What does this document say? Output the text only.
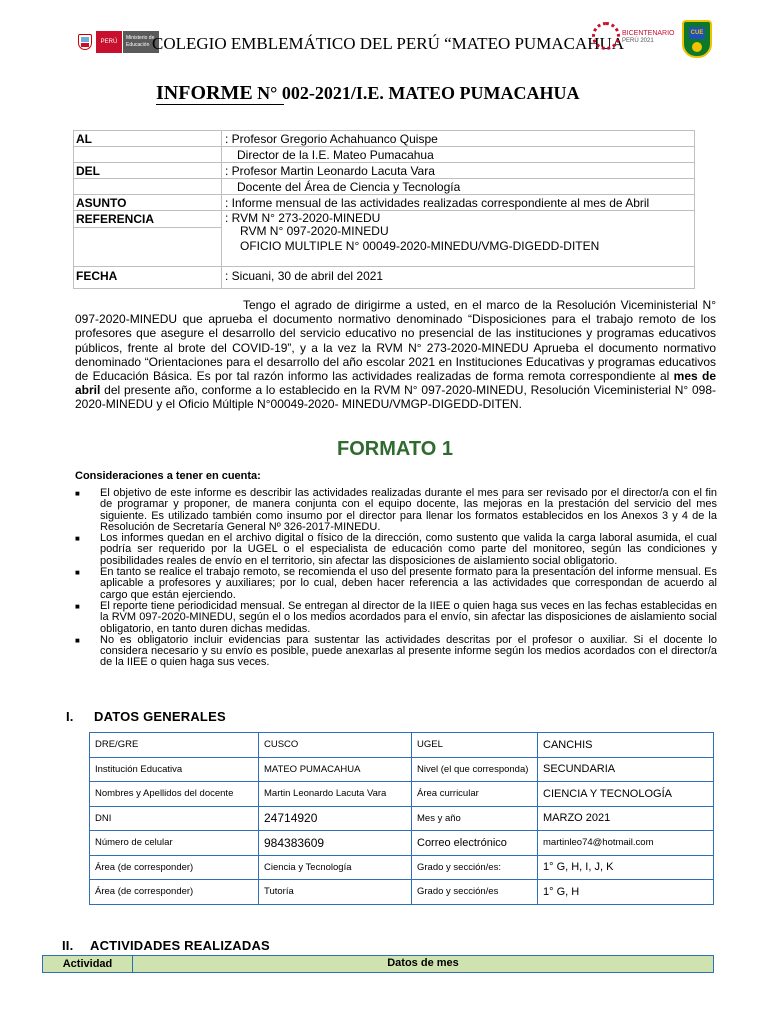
PERÚ
Ministerio de Educación COLEGIO EMBLEMÁTICO DEL PERÚ “MATEO PUMACAHUA
BICENTENARIO
PERÚ 2021
CUE
INFORME N° 002-2021/I.E. MATEO PUMACAHUA
AL	: Profesor Gregorio Achahuanco Quispe
Director de la I.E. Mateo Pumacahua
DEL	: Profesor Martin Leonardo Lacuta Vara
Docente del Área de Ciencia y Tecnología
ASUNTO	: Informe mensual de las actividades realizadas correspondiente al mes de Abril
REFERENCIA	: RVM N° 273-2020-MINEDU
RVM N° 097-2020-MINEDU
OFICIO MULTIPLE N° 00049-2020-MINEDU/VMG-DIGEDD-DITEN
FECHA	: Sicuani, 30 de abril del 2021
Tengo el agrado de dirigirme a usted, en el marco de la Resolución Viceministerial N° 097-2020-MINEDU que aprueba el documento normativo denominado “Disposiciones para el trabajo remoto de los profesores que asegure el desarrollo del servicio educativo no presencial de las instituciones y programas educativos públicos, frente al brote del COVID-19”, y a la vez la RVM N° 273-2020-MINEDU Aprueba el documento normativo denominado “Orientaciones para el desarrollo del año escolar 2021 en Instituciones Educativas y programas educativos de Educación Básica. Es por tal razón informo las actividades realizadas de forma remota correspondiente al mes de abril del presente año, conforme a lo establecido en la RVM N° 097-2020-MINEDU, Resolución Viceministerial N° 098-2020-MINEDU y el Oficio Múltiple N°00049-2020- MINEDU/VMGP-DIGEDD-DITEN.
FORMATO 1
Consideraciones a tener en cuenta:
■ El objetivo de este informe es describir las actividades realizadas durante el mes para ser revisado por el director/a con el fin de programar y proponer, de manera conjunta con el equipo docente, las mejoras en la prestación del servicio del mes siguiente. Es utilizado también como insumo por el director para llenar los formatos establecidos en los Anexos 3 y 4 de la Resolución de Secretaría General Nº 326-2017-MINEDU.
■ Los informes quedan en el archivo digital o físico de la dirección, como sustento que valida la carga laboral asumida, el cual podría ser requerido por la UGEL o el especialista de educación como parte del monitoreo, según las condiciones y posibilidades reales de envío en el territorio, sin afectar las disposiciones de aislamiento social obligatorio.
■ En tanto se realice el trabajo remoto, se recomienda el uso del presente formato para la presentación del informe mensual. Es aplicable a profesores y auxiliares; por lo cual, deben hacer referencia a las actividades que correspondan de acuerdo al cargo que están ejerciendo.
■ El reporte tiene periodicidad mensual. Se entregan al director de la IIEE o quien haga sus veces en las fechas establecidas en la RVM 097-2020-MINEDU, según el o los medios acordados para el envío, sin afectar las disposiciones de aislamiento social obligatorio, en tanto duren dichas medidas.
■ No es obligatorio incluir evidencias para sustentar las actividades descritas por el profesor o auxiliar. Si el docente lo considera necesario y su envío es posible, puede anexarlas al presente informe según los medios acordados con el director/a de la IIEE o quien haga sus veces.
I. DATOS GENERALES
DRE/GRE	CUSCO	UGEL	CANCHIS
Institución Educativa	MATEO PUMACAHUA	Nivel (el que corresponda)	SECUNDARIA
Nombres y Apellidos del docente	Martin Leonardo Lacuta Vara	Área curricular	CIENCIA Y TECNOLOGÍA
DNI	24714920	Mes y año	MARZO 2021
Número de celular	984383609	Correo electrónico	martinleo74@hotmail.com
Área (de corresponder)	Ciencia y Tecnología	Grado y sección/es:	1° G, H, I, J, K
Área (de corresponder)	Tutoría	Grado y sección/es	1° G, H
II. ACTIVIDADES REALIZADAS
Actividad	Datos de mes
